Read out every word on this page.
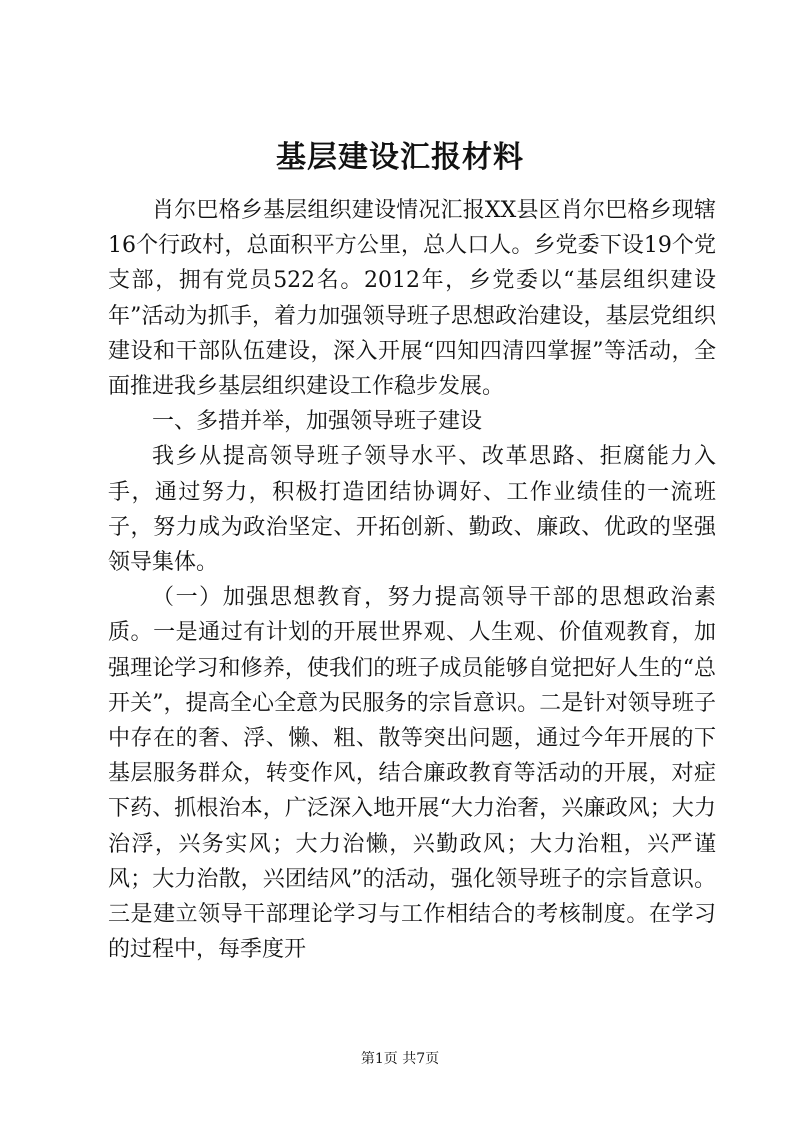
基层建设汇报材料

肖尔巴格乡基层组织建设情况汇报XX县区肖尔巴格乡现辖16个行政村，总面积平方公里，总人口人。乡党委下设19个党支部，拥有党员522名。2012年，乡党委以“基层组织建设年”活动为抓手，着力加强领导班子思想政治建设，基层党组织建设和干部队伍建设，深入开展“四知四清四掌握”等活动，全面推进我乡基层组织建设工作稳步发展。

一、多措并举，加强领导班子建设

我乡从提高领导班子领导水平、改革思路、拒腐能力入手，通过努力，积极打造团结协调好、工作业绩佳的一流班子，努力成为政治坚定、开拓创新、勤政、廉政、优政的坚强领导集体。

（一）加强思想教育，努力提高领导干部的思想政治素质。一是通过有计划的开展世界观、人生观、价值观教育，加强理论学习和修养，使我们的班子成员能够自觉把好人生的“总开关”，提高全心全意为民服务的宗旨意识。二是针对领导班子中存在的奢、浮、懒、粗、散等突出问题，通过今年开展的下基层服务群众，转变作风，结合廉政教育等活动的开展，对症下药、抓根治本，广泛深入地开展“大力治奢，兴廉政风；大力治浮，兴务实风；大力治懒，兴勤政风；大力治粗，兴严谨风；大力治散，兴团结风”的活动，强化领导班子的宗旨意识。三是建立领导干部理论学习与工作相结合的考核制度。在学习的过程中，每季度开

第1页 共7页
